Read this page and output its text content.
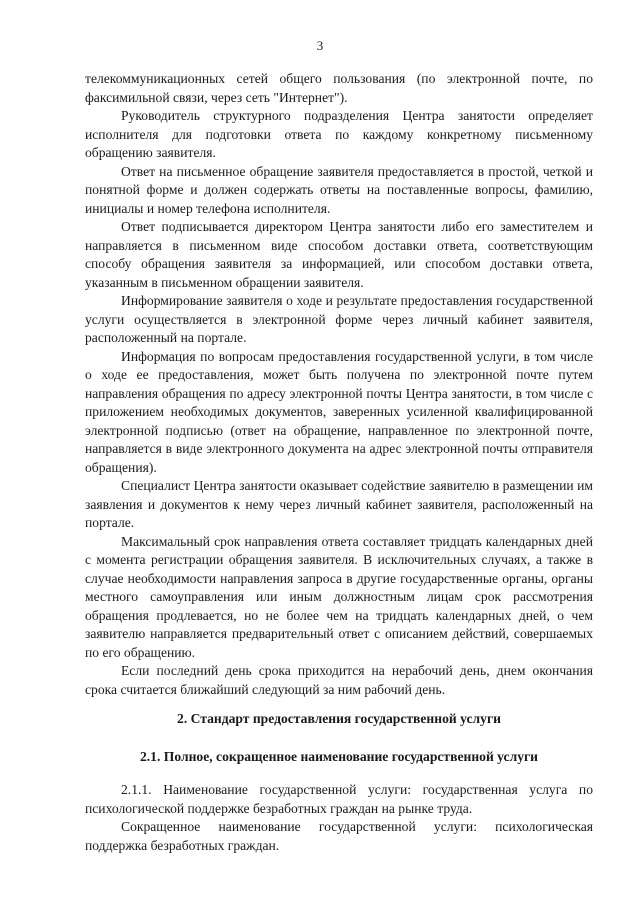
3

телекоммуникационных сетей общего пользования (по электронной почте, по факсимильной связи, через сеть "Интернет").

Руководитель структурного подразделения Центра занятости определяет исполнителя для подготовки ответа по каждому конкретному письменному обращению заявителя.

Ответ на письменное обращение заявителя предоставляется в простой, четкой и понятной форме и должен содержать ответы на поставленные вопросы, фамилию, инициалы и номер телефона исполнителя.

Ответ подписывается директором Центра занятости либо его заместителем и направляется в письменном виде способом доставки ответа, соответствующим способу обращения заявителя за информацией, или способом доставки ответа, указанным в письменном обращении заявителя.

Информирование заявителя о ходе и результате предоставления государственной услуги осуществляется в электронной форме через личный кабинет заявителя, расположенный на портале.

Информация по вопросам предоставления государственной услуги, в том числе о ходе ее предоставления, может быть получена по электронной почте путем направления обращения по адресу электронной почты Центра занятости, в том числе с приложением необходимых документов, заверенных усиленной квалифицированной электронной подписью (ответ на обращение, направленное по электронной почте, направляется в виде электронного документа на адрес электронной почты отправителя обращения).

Специалист Центра занятости оказывает содействие заявителю в размещении им заявления и документов к нему через личный кабинет заявителя, расположенный на портале.

Максимальный срок направления ответа составляет тридцать календарных дней с момента регистрации обращения заявителя. В исключительных случаях, а также в случае необходимости направления запроса в другие государственные органы, органы местного самоуправления или иным должностным лицам срок рассмотрения обращения продлевается, но не более чем на тридцать календарных дней, о чем заявителю направляется предварительный ответ с описанием действий, совершаемых по его обращению.

Если последний день срока приходится на нерабочий день, днем окончания срока считается ближайший следующий за ним рабочий день.

2. Стандарт предоставления государственной услуги
2.1. Полное, сокращенное наименование государственной услуги

2.1.1. Наименование государственной услуги: государственная услуга по психологической поддержке безработных граждан на рынке труда.

Сокращенное наименование государственной услуги: психологическая поддержка безработных граждан.
